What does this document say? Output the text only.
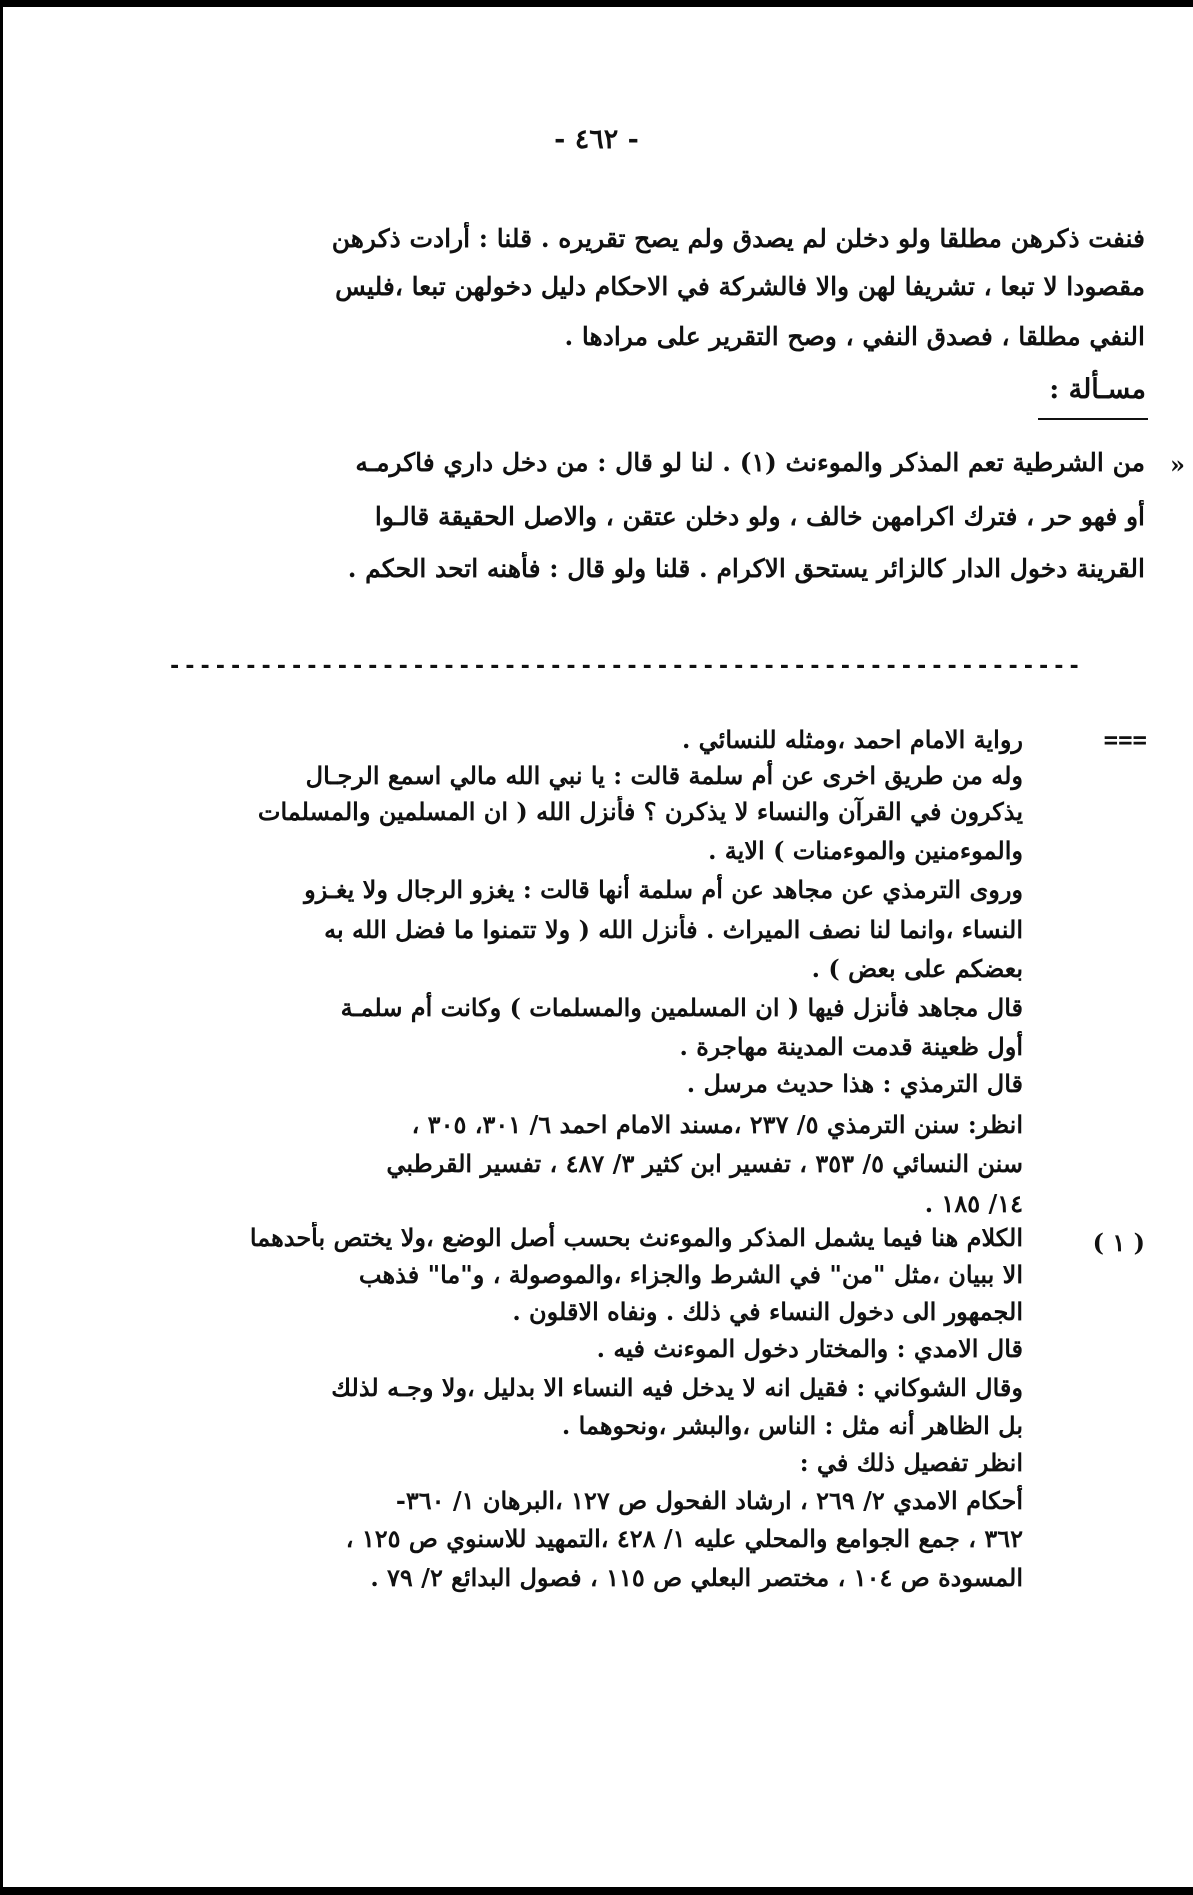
- ٤٦٢ -
فنفت ذكرهن مطلقا ولو دخلن لم يصدق ولم يصح تقريره . قلنا : أرادت ذكرهن
مقصودا لا تبعا ، تشريفا لهن والا فالشركة في الاحكام دليل دخولهن تبعا ،فليس
النفي مطلقا ، فصدق النفي ، وصح التقرير على مرادها .
مسـألة :
«
من الشرطية تعم المذكر والموءنث (١) . لنا لو قال : من دخل داري فاكرمـه
أو فهو حر ، فترك اكرامهن خالف ، ولو دخلن عتقن ، والاصل الحقيقة قالـوا
القرينة دخول الدار كالزائر يستحق الاكرام . قلنا ولو قال : فأهنه اتحد الحكم .
------------------------------------------------------------
===
رواية الامام احمد ،ومثله للنسائي .
وله من طريق اخرى عن أم سلمة قالت : يا نبي الله مالي اسمع الرجـال
يذكرون في القرآن والنساء لا يذكرن ؟ فأنزل الله ( ان المسلمين والمسلمات
والموءمنين والموءمنات ) الاية .
وروى الترمذي عن مجاهد عن أم سلمة أنها قالت : يغزو الرجال ولا يغـزو
النساء ،وانما لنا نصف الميراث . فأنزل الله ( ولا تتمنوا ما فضل الله به
بعضكم على بعض ) .
قال مجاهد فأنزل فيها ( ان المسلمين والمسلمات ) وكانت أم سلمـة
أول ظعينة قدمت المدينة مهاجرة .
قال الترمذي : هذا حديث مرسل .
انظر: سنن الترمذي ٥/ ٢٣٧ ،مسند الامام احمد ٦/ ٣٠١، ٣٠٥ ،
سنن النسائي ٥/ ٣٥٣ ، تفسير ابن كثير ٣/ ٤٨٧ ، تفسير القرطبي
١٤/ ١٨٥ .
( ١ )
الكلام هنا فيما يشمل المذكر والموءنث بحسب أصل الوضع ،ولا يختص بأحدهما
الا ببيان ،مثل "من" في الشرط والجزاء ،والموصولة ، و"ما" فذهب
الجمهور الى دخول النساء في ذلك . ونفاه الاقلون .
قال الامدي : والمختار دخول الموءنث فيه .
وقال الشوكاني : فقيل انه لا يدخل فيه النساء الا بدليل ،ولا وجـه لذلك
بل الظاهر أنه مثل : الناس ،والبشر ،ونحوهما .
انظر تفصيل ذلك في :
أحكام الامدي ٢/ ٢٦٩ ، ارشاد الفحول ص ١٢٧ ،البرهان ١/ ٣٦٠-
٣٦٢ ، جمع الجوامع والمحلي عليه ١/ ٤٢٨ ،التمهيد للاسنوي ص ١٢٥ ،
المسودة ص ١٠٤ ، مختصر البعلي ص ١١٥ ، فصول البدائع ٢/ ٧٩ .
